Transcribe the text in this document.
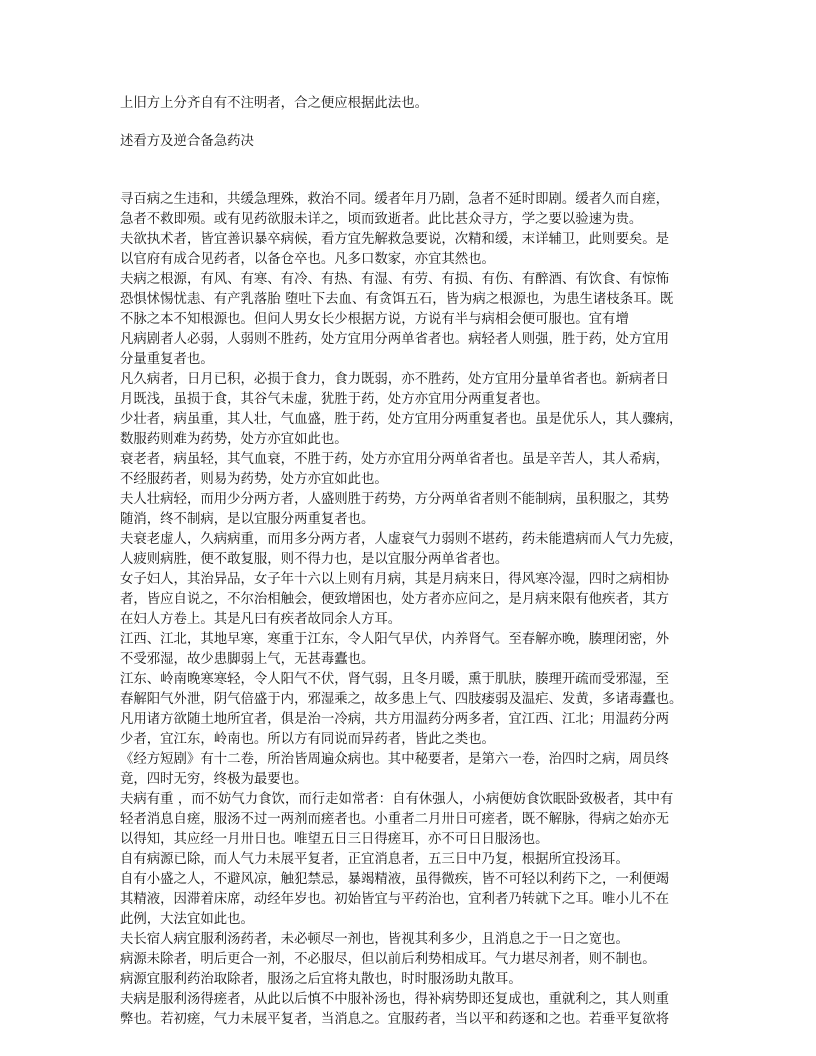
上旧方上分齐自有不注明者，合之便应根据此法也。
述看方及逆合备急药决
寻百病之生违和，共缓急理殊，救治不同。缓者年月乃剧，急者不延时即剧。缓者久而自瘥，
急者不救即殒。或有见药欲服未详之，顷而致逝者。此比甚众寻方，学之要以验速为贵。
夫欲执术者，皆宜善识暴卒病候，看方宜先解救急要说，次精和缓，末详辅卫，此则要矣。是
以官府有成合见药者，以备仓卒也。凡多口数家，亦宜其然也。
夫病之根源，有风、有寒、有冷、有热、有湿、有劳、有损、有伤、有醉酒、有饮食、有惊怖
恐惧怵惕忧恚、有产乳落胎 堕吐下去血、有贪饵五石，皆为病之根源也，为患生诸枝条耳。既
不脉之本不知根源也。但问人男女长少根据方说，方说有半与病相会便可服也。宜有增
凡病剧者人必弱，人弱则不胜药，处方宜用分两单省者也。病轻者人则强，胜于药，处方宜用
分量重复者也。
凡久病者，日月已积，必损于食力，食力既弱，亦不胜药，处方宜用分量单省者也。新病者日
月既浅，虽损于食，其谷气未虚，犹胜于药，处方亦宜用分两重复者也。
少壮者，病虽重，其人壮，气血盛，胜于药，处方宜用分两重复者也。虽是优乐人，其人骤病，
数服药则难为药势，处方亦宜如此也。
衰老者，病虽轻，其气血衰，不胜于药，处方亦宜用分两单省者也。虽是辛苦人，其人希病，
不经服药者，则易为药势，处方亦宜如此也。
夫人壮病轻，而用少分两方者，人盛则胜于药势，方分两单省者则不能制病，虽积服之，其势
随消，终不制病，是以宜服分两重复者也。
夫衰老虚人，久病病重，而用多分两方者，人虚衰气力弱则不堪药，药未能遣病而人气力先疲，
人疲则病胜，便不敢复服，则不得力也，是以宜服分两单省者也。
女子妇人，其治异品，女子年十六以上则有月病，其是月病来日，得风寒冷湿，四时之病相协
者，皆应自说之，不尔治相触会，便致增困也，处方者亦应问之，是月病来限有他疾者，其方
在妇人方卷上。其是凡曰有疾者故同余人方耳。
江西、江北，其地早寒，寒重于江东，令人阳气早伏，内养肾气。至春解亦晚，腠理闭密，外
不受邪湿，故少患脚弱上气，无甚毒蠹也。
江东、岭南晚寒寒轻，令人阳气不伏，肾气弱，且冬月暖，熏于肌肤，腠理开疏而受邪湿，至
春解阳气外泄，阴气倍盛于内，邪湿乘之，故多患上气、四肢痿弱及温疟、发黄，多诸毒蠹也。
凡用诸方欲随土地所宜者，俱是治一冷病，共方用温药分两多者，宜江西、江北；用温药分两
少者，宜江东，岭南也。所以方有同说而异药者，皆此之类也。
《经方短剧》有十二卷，所治皆周遍众病也。其中秘要者，是第六一卷，治四时之病，周员终
竟，四时无穷，终极为最要也。
夫病有重 ，而不妨气力食饮，而行走如常者：自有休强人，小病便妨食饮眠卧致极者，其中有
轻者消息自瘥，服汤不过一两剂而瘥者也。小重者二月卅日可瘥者，既不解脉，得病之始亦无
以得知，其应经一月卅日也。唯望五日三日得瘥耳，亦不可日日服汤也。
自有病源已除，而人气力未展平复者，正宜消息者，五三日中乃复，根据所宜投汤耳。
自有小盛之人，不避风凉，触犯禁忌，暴竭精液，虽得微疾，皆不可轻以利药下之，一利便竭
其精液，因滞着床席，动经年岁也。初始皆宜与平药治也，宜利者乃转就下之耳。唯小儿不在
此例，大法宜如此也。
夫长宿人病宜服利汤药者，未必顿尽一剂也，皆视其利多少，且消息之于一日之宽也。
病源未除者，明后更合一剂，不必服尽，但以前后利势相成耳。气力堪尽剂者，则不制也。
病源宜服利药治取除者，服汤之后宜将丸散也，时时服汤助丸散耳。
夫病是服利汤得瘥者，从此以后慎不中服补汤也，得补病势即还复成也，重就利之，其人则重
弊也。若初瘥，气力未展平复者，当消息之。宜服药者，当以平和药逐和之也。若垂平复欲将
